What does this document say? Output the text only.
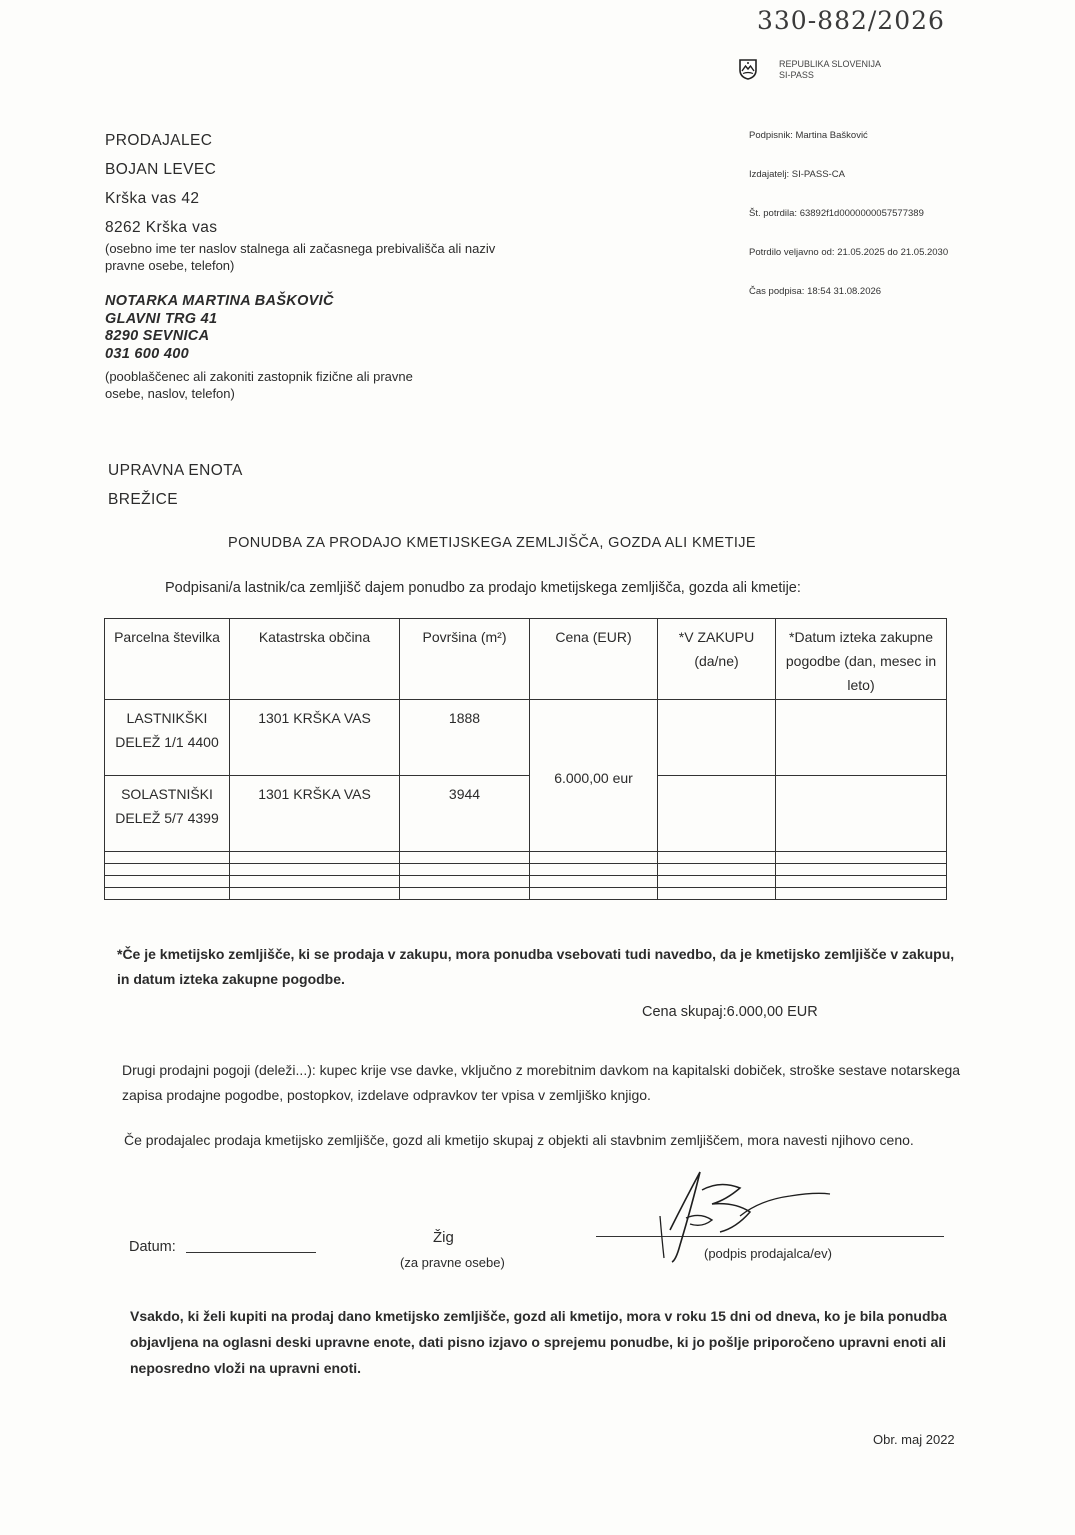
330-882/2026
REPUBLIKA SLOVENIJA
SI-PASS

Podpisnik: Martina Bašković

Izdajatelj: SI-PASS-CA

Št. potrdila: 63892f1d0000000057577389

Potrdilo veljavno od: 21.05.2025 do 21.05.2030

Čas podpisa: 18:54 31.08.2026

PRODAJALEC
BOJAN LEVEC
Krška vas 42
8262 Krška vas
(osebno ime ter naslov stalnega ali začasnega prebivališča ali naziv pravne osebe, telefon)
NOTARKA MARTINA BAŠKOVIČ
GLAVNI TRG 41
8290 SEVNICA
031 600 400
(pooblaščenec ali zakoniti zastopnik fizične ali pravne osebe, naslov, telefon)
UPRAVNA ENOTA
BREŽICE
PONUDBA ZA PRODAJO KMETIJSKEGA ZEMLJIŠČA, GOZDA ALI KMETIJE
Podpisani/a lastnik/ca zemljišč dajem ponudbo za prodajo kmetijskega zemljišča, gozda ali kmetije:
Parcelna številka	Katastrska občina	Površina (m²)	Cena (EUR)	*V ZAKUPU (da/ne)	*Datum izteka zakupne pogodbe (dan, mesec in leto)
LASTNIKŠKI DELEŽ 1/1 4400	1301 KRŠKA VAS	1888	6.000,00 eur		
SOLASTNIŠKI DELEŽ 5/7 4399	1301 KRŠKA VAS	3944			

*Če je kmetijsko zemljišče, ki se prodaja v zakupu, mora ponudba vsebovati tudi navedbo, da je kmetijsko zemljišče v zakupu, in datum izteka zakupne pogodbe.
Cena skupaj:6.000,00 EUR
Drugi prodajni pogoji (deleži...): kupec krije vse davke, vključno z morebitnim davkom na kapitalski dobiček, stroške sestave notarskega zapisa prodajne pogodbe, postopkov, izdelave odpravkov ter vpisa v zemljiško knjigo.
Če prodajalec prodaja kmetijsko zemljišče, gozd ali kmetijo skupaj z objekti ali stavbnim zemljiščem, mora navesti njihovo ceno.
Datum:
Žig
(za pravne osebe)
(podpis prodajalca/ev)
Vsakdo, ki želi kupiti na prodaj dano kmetijsko zemljišče, gozd ali kmetijo, mora v roku 15 dni od dneva, ko je bila ponudba objavljena na oglasni deski upravne enote, dati pisno izjavo o sprejemu ponudbe, ki jo pošlje priporočeno upravni enoti ali neposredno vloži na upravni enoti.
Obr. maj 2022
